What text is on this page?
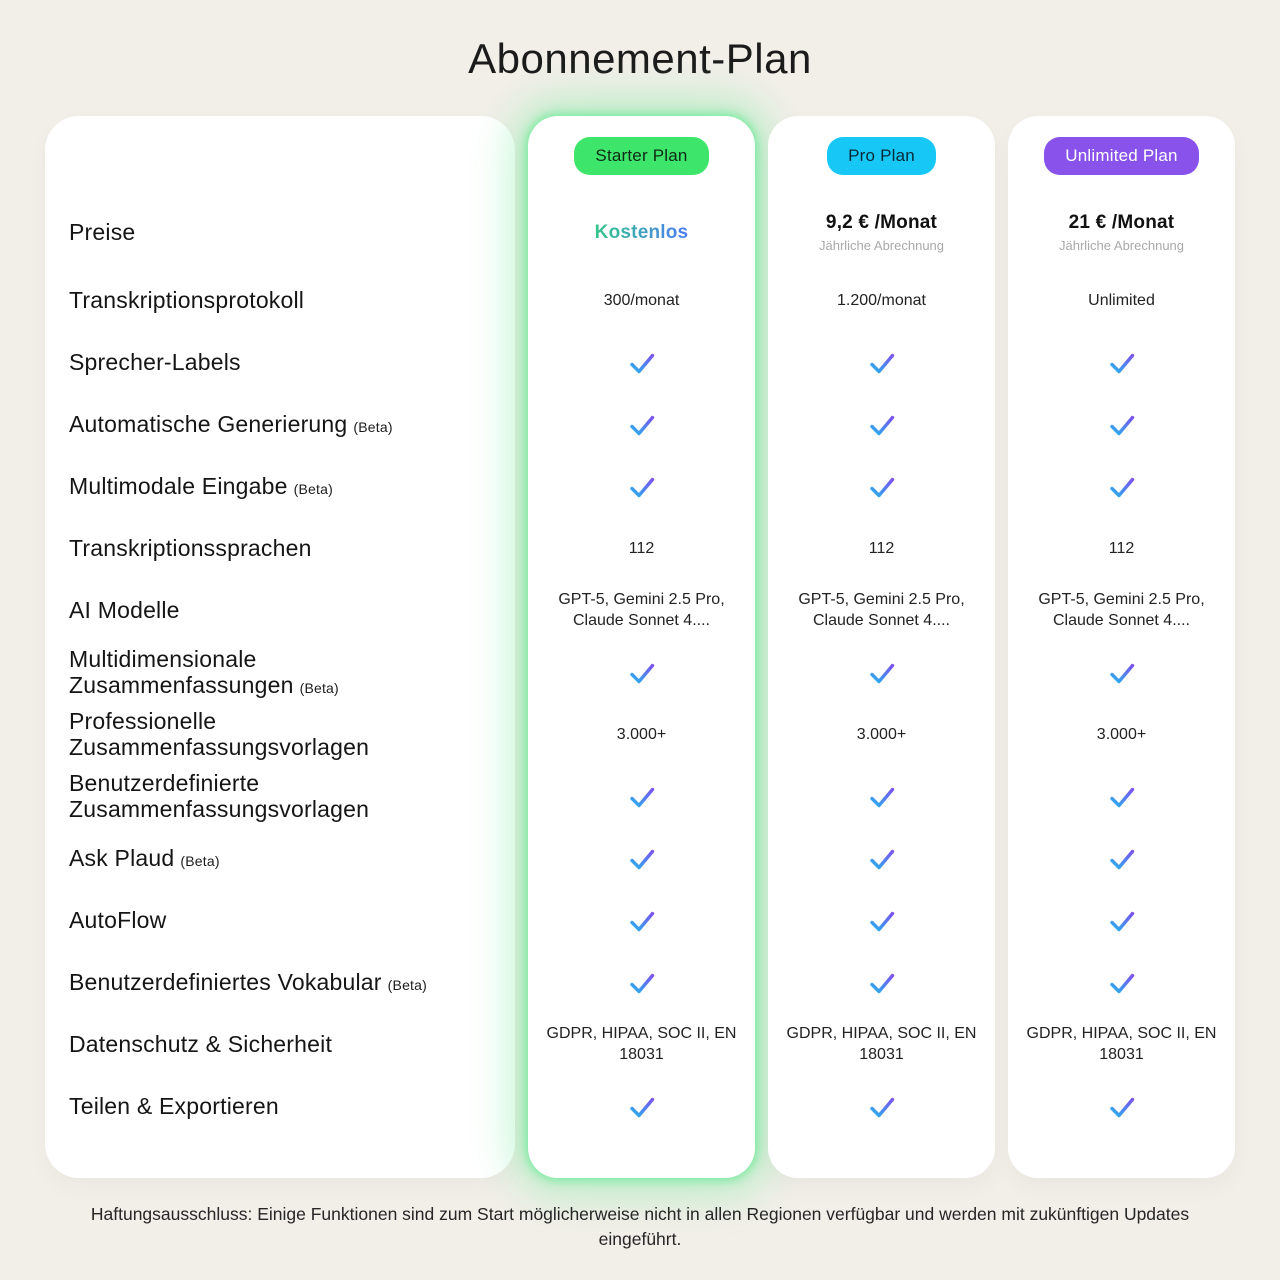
Abonnement-Plan
Preise
Transkriptionsprotokoll
Sprecher-Labels
Automatische Generierung (Beta)
Multimodale Eingabe (Beta)
Transkriptionssprachen
AI Modelle
Multidimensionale Zusammenfassungen (Beta)
Professionelle Zusammenfassungsvorlagen
Benutzerdefinierte Zusammenfassungsvorlagen
Ask Plaud (Beta)
AutoFlow
Benutzerdefiniertes Vokabular (Beta)
Datenschutz & Sicherheit
Teilen & Exportieren
Starter Plan
Kostenlos
300/monat
112
GPT-5, Gemini 2.5 Pro, Claude Sonnet 4....
3.000+
GDPR, HIPAA, SOC II, EN 18031
Pro Plan
9,2 € /Monat
Jährliche Abrechnung
1.200/monat
112
GPT-5, Gemini 2.5 Pro, Claude Sonnet 4....
3.000+
GDPR, HIPAA, SOC II, EN 18031
Unlimited Plan
21 € /Monat
Jährliche Abrechnung
Unlimited
112
GPT-5, Gemini 2.5 Pro, Claude Sonnet 4....
3.000+
GDPR, HIPAA, SOC II, EN 18031

Haftungsausschluss: Einige Funktionen sind zum Start möglicherweise nicht in allen Regionen verfügbar und werden mit zukünftigen Updates eingeführt.
